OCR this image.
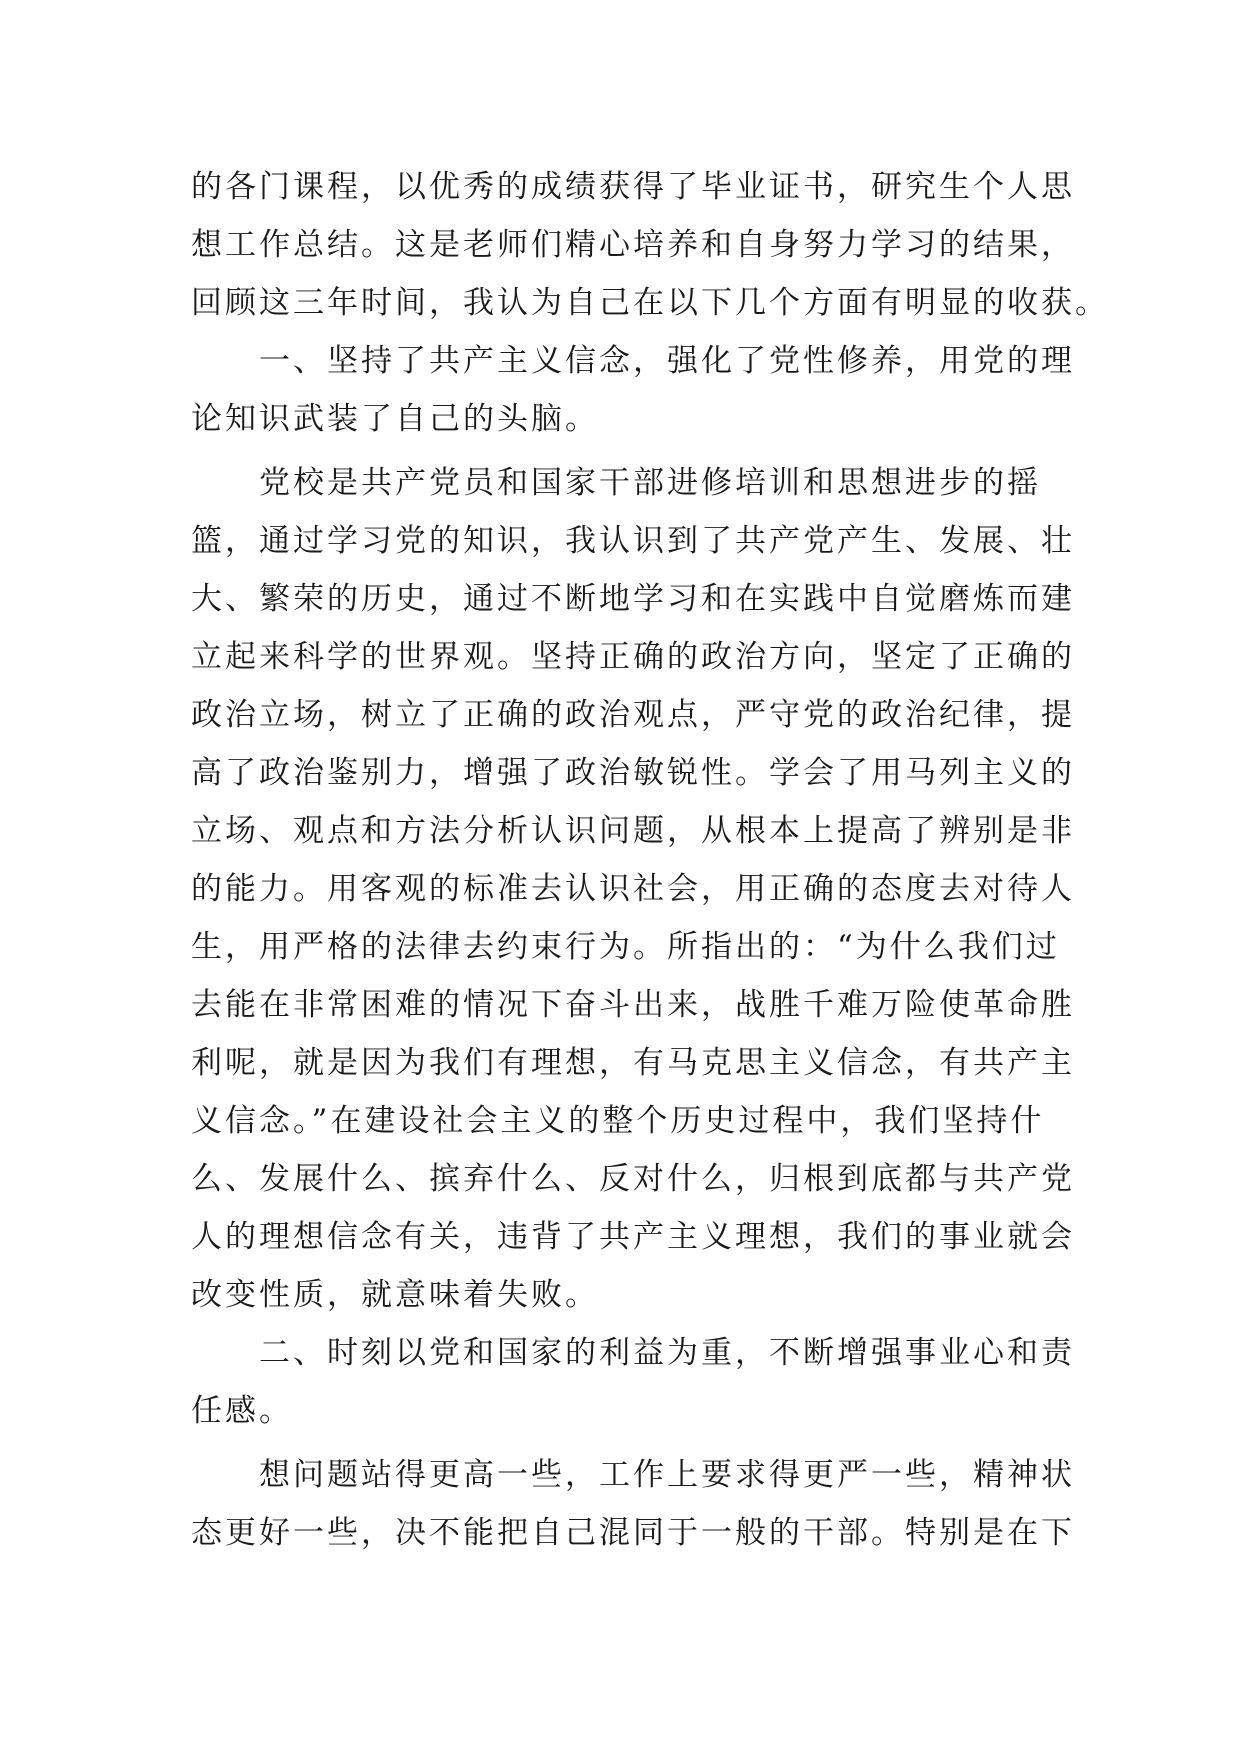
的各门课程，以优秀的成绩获得了毕业证书，研究生个人思
想工作总结。这是老师们精心培养和自身努力学习的结果，
回顾这三年时间，我认为自己在以下几个方面有明显的收获。
一、坚持了共产主义信念，强化了党性修养，用党的理
论知识武装了自己的头脑。
党校是共产党员和国家干部进修培训和思想进步的摇
篮，通过学习党的知识，我认识到了共产党产生、发展、壮
大、繁荣的历史，通过不断地学习和在实践中自觉磨炼而建
立起来科学的世界观。坚持正确的政治方向，坚定了正确的
政治立场，树立了正确的政治观点，严守党的政治纪律，提
高了政治鉴别力，增强了政治敏锐性。学会了用马列主义的
立场、观点和方法分析认识问题，从根本上提高了辨别是非
的能力。用客观的标准去认识社会，用正确的态度去对待人
生，用严格的法律去约束行为。所指出的：“为什么我们过
去能在非常困难的情况下奋斗出来，战胜千难万险使革命胜
利呢，就是因为我们有理想，有马克思主义信念，有共产主
义信念。”在建设社会主义的整个历史过程中，我们坚持什
么、发展什么、摈弃什么、反对什么，归根到底都与共产党
人的理想信念有关，违背了共产主义理想，我们的事业就会
改变性质，就意味着失败。
二、时刻以党和国家的利益为重，不断增强事业心和责
任感。
想问题站得更高一些，工作上要求得更严一些，精神状
态更好一些，决不能把自己混同于一般的干部。特别是在下
